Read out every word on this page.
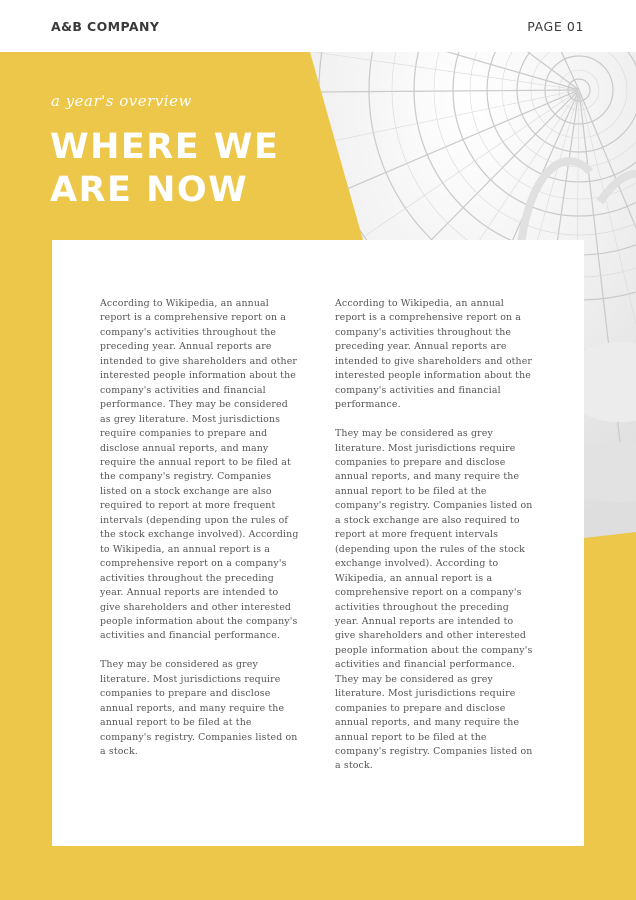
A&B COMPANY	PAGE 01
a year's overview
WHERE WE ARE NOW

According to Wikipedia, an annual report is a comprehensive report on a company's activities throughout the preceding year. Annual reports are intended to give shareholders and other interested people information about the company's activities and financial performance. They may be considered as grey literature. Most jurisdictions require companies to prepare and disclose annual reports, and many require the annual report to be filed at the company's registry. Companies listed on a stock exchange are also required to report at more frequent intervals (depending upon the rules of the stock exchange involved). According to Wikipedia, an annual report is a comprehensive report on a company's activities throughout the preceding year. Annual reports are intended to give shareholders and other interested people information about the company's activities and financial performance.

They may be considered as grey literature. Most jurisdictions require companies to prepare and disclose annual reports, and many require the annual report to be filed at the company's registry. Companies listed on a stock.

According to Wikipedia, an annual report is a comprehensive report on a company's activities throughout the preceding year. Annual reports are intended to give shareholders and other interested people information about the company's activities and financial performance.

They may be considered as grey literature. Most jurisdictions require companies to prepare and disclose annual reports, and many require the annual report to be filed at the company's registry. Companies listed on a stock exchange are also required to report at more frequent intervals (depending upon the rules of the stock exchange involved). According to Wikipedia, an annual report is a comprehensive report on a company's activities throughout the preceding year. Annual reports are intended to give shareholders and other interested people information about the company's activities and financial performance. They may be considered as grey literature. Most jurisdictions require companies to prepare and disclose annual reports, and many require the annual report to be filed at the company's registry. Companies listed on a stock.
